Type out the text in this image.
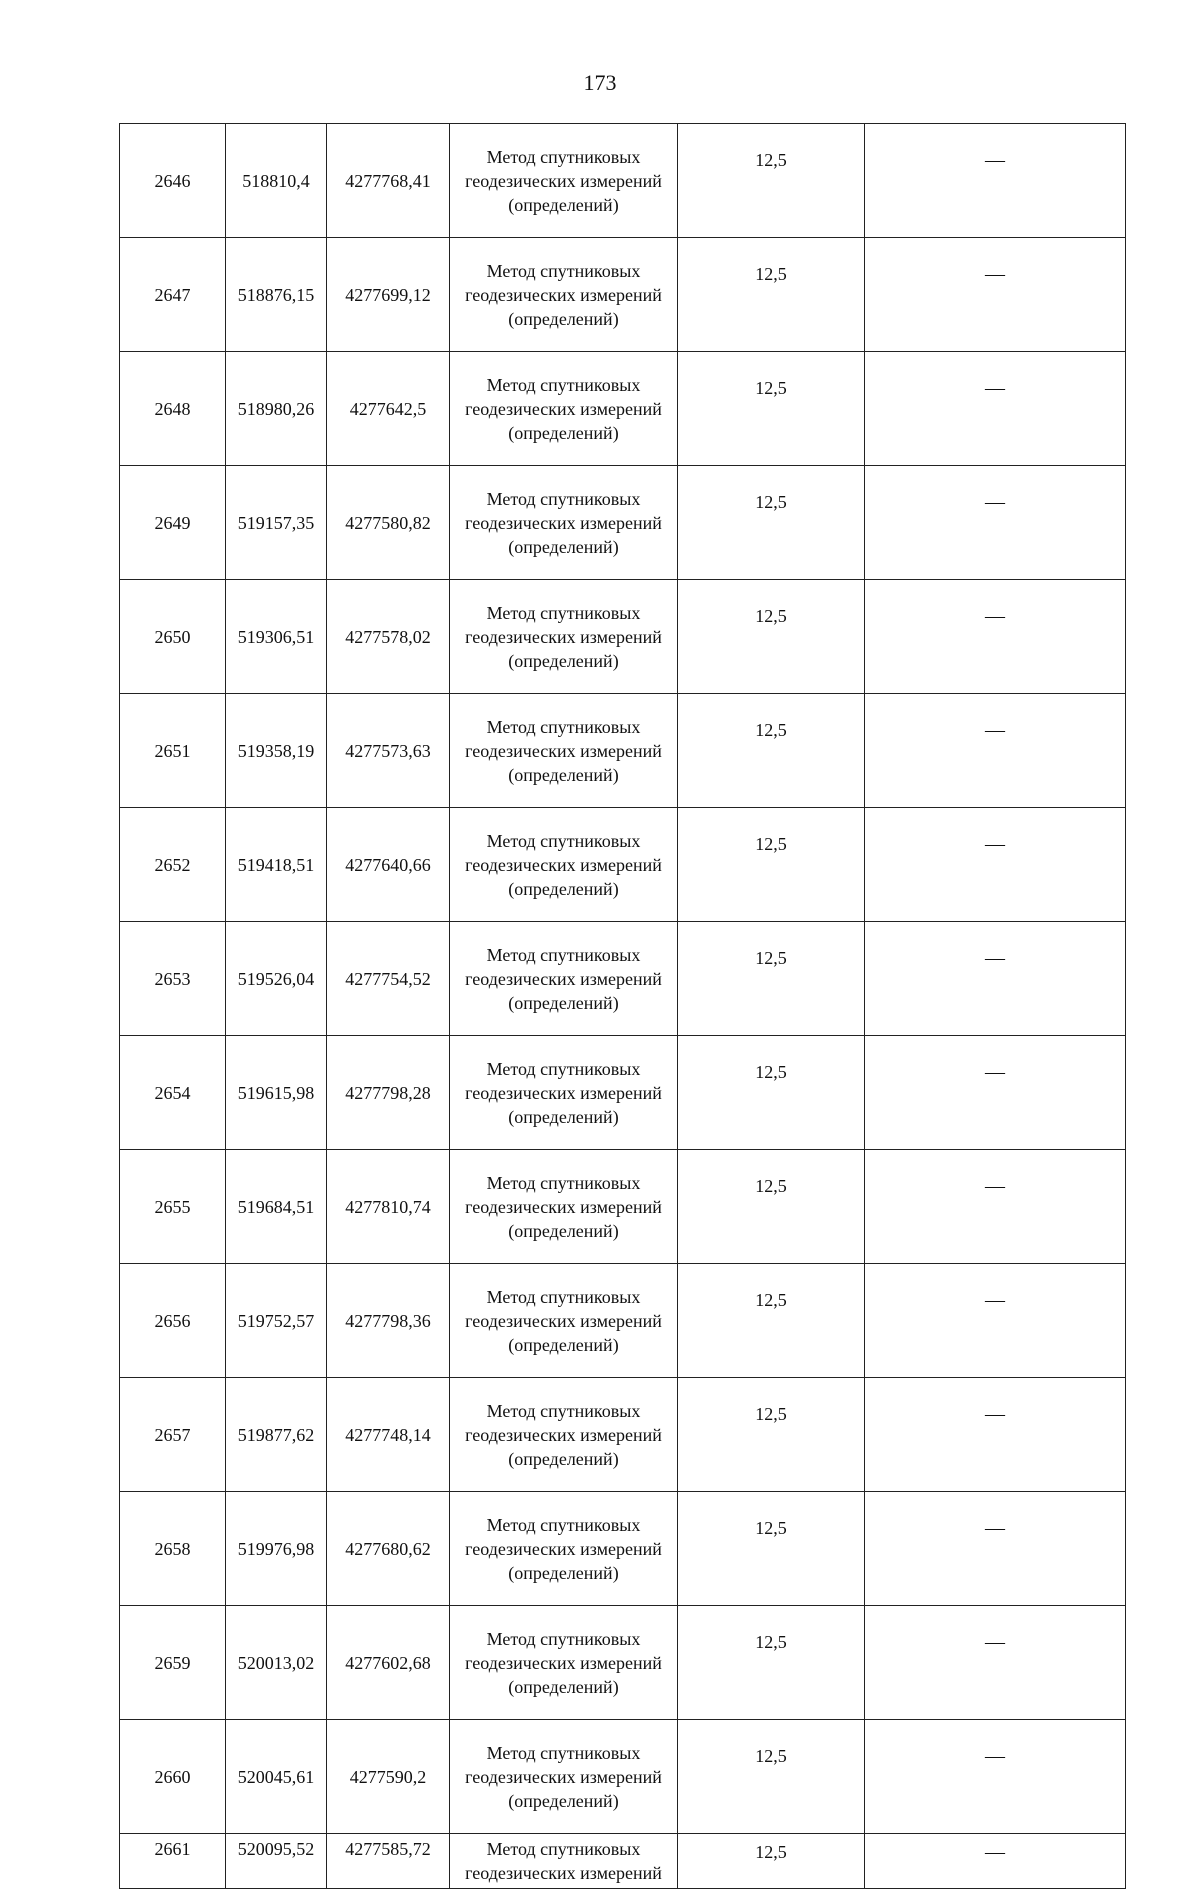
173
2646	518810,4	4277768,41	Метод спутниковых
геодезических измерений
(определений)	12,5	—
2647	518876,15	4277699,12	Метод спутниковых
геодезических измерений
(определений)	12,5	—
2648	518980,26	4277642,5	Метод спутниковых
геодезических измерений
(определений)	12,5	—
2649	519157,35	4277580,82	Метод спутниковых
геодезических измерений
(определений)	12,5	—
2650	519306,51	4277578,02	Метод спутниковых
геодезических измерений
(определений)	12,5	—
2651	519358,19	4277573,63	Метод спутниковых
геодезических измерений
(определений)	12,5	—
2652	519418,51	4277640,66	Метод спутниковых
геодезических измерений
(определений)	12,5	—
2653	519526,04	4277754,52	Метод спутниковых
геодезических измерений
(определений)	12,5	—
2654	519615,98	4277798,28	Метод спутниковых
геодезических измерений
(определений)	12,5	—
2655	519684,51	4277810,74	Метод спутниковых
геодезических измерений
(определений)	12,5	—
2656	519752,57	4277798,36	Метод спутниковых
геодезических измерений
(определений)	12,5	—
2657	519877,62	4277748,14	Метод спутниковых
геодезических измерений
(определений)	12,5	—
2658	519976,98	4277680,62	Метод спутниковых
геодезических измерений
(определений)	12,5	—
2659	520013,02	4277602,68	Метод спутниковых
геодезических измерений
(определений)	12,5	—
2660	520045,61	4277590,2	Метод спутниковых
геодезических измерений
(определений)	12,5	—
2661	520095,52	4277585,72	Метод спутниковых
геодезических измерений	12,5	—
